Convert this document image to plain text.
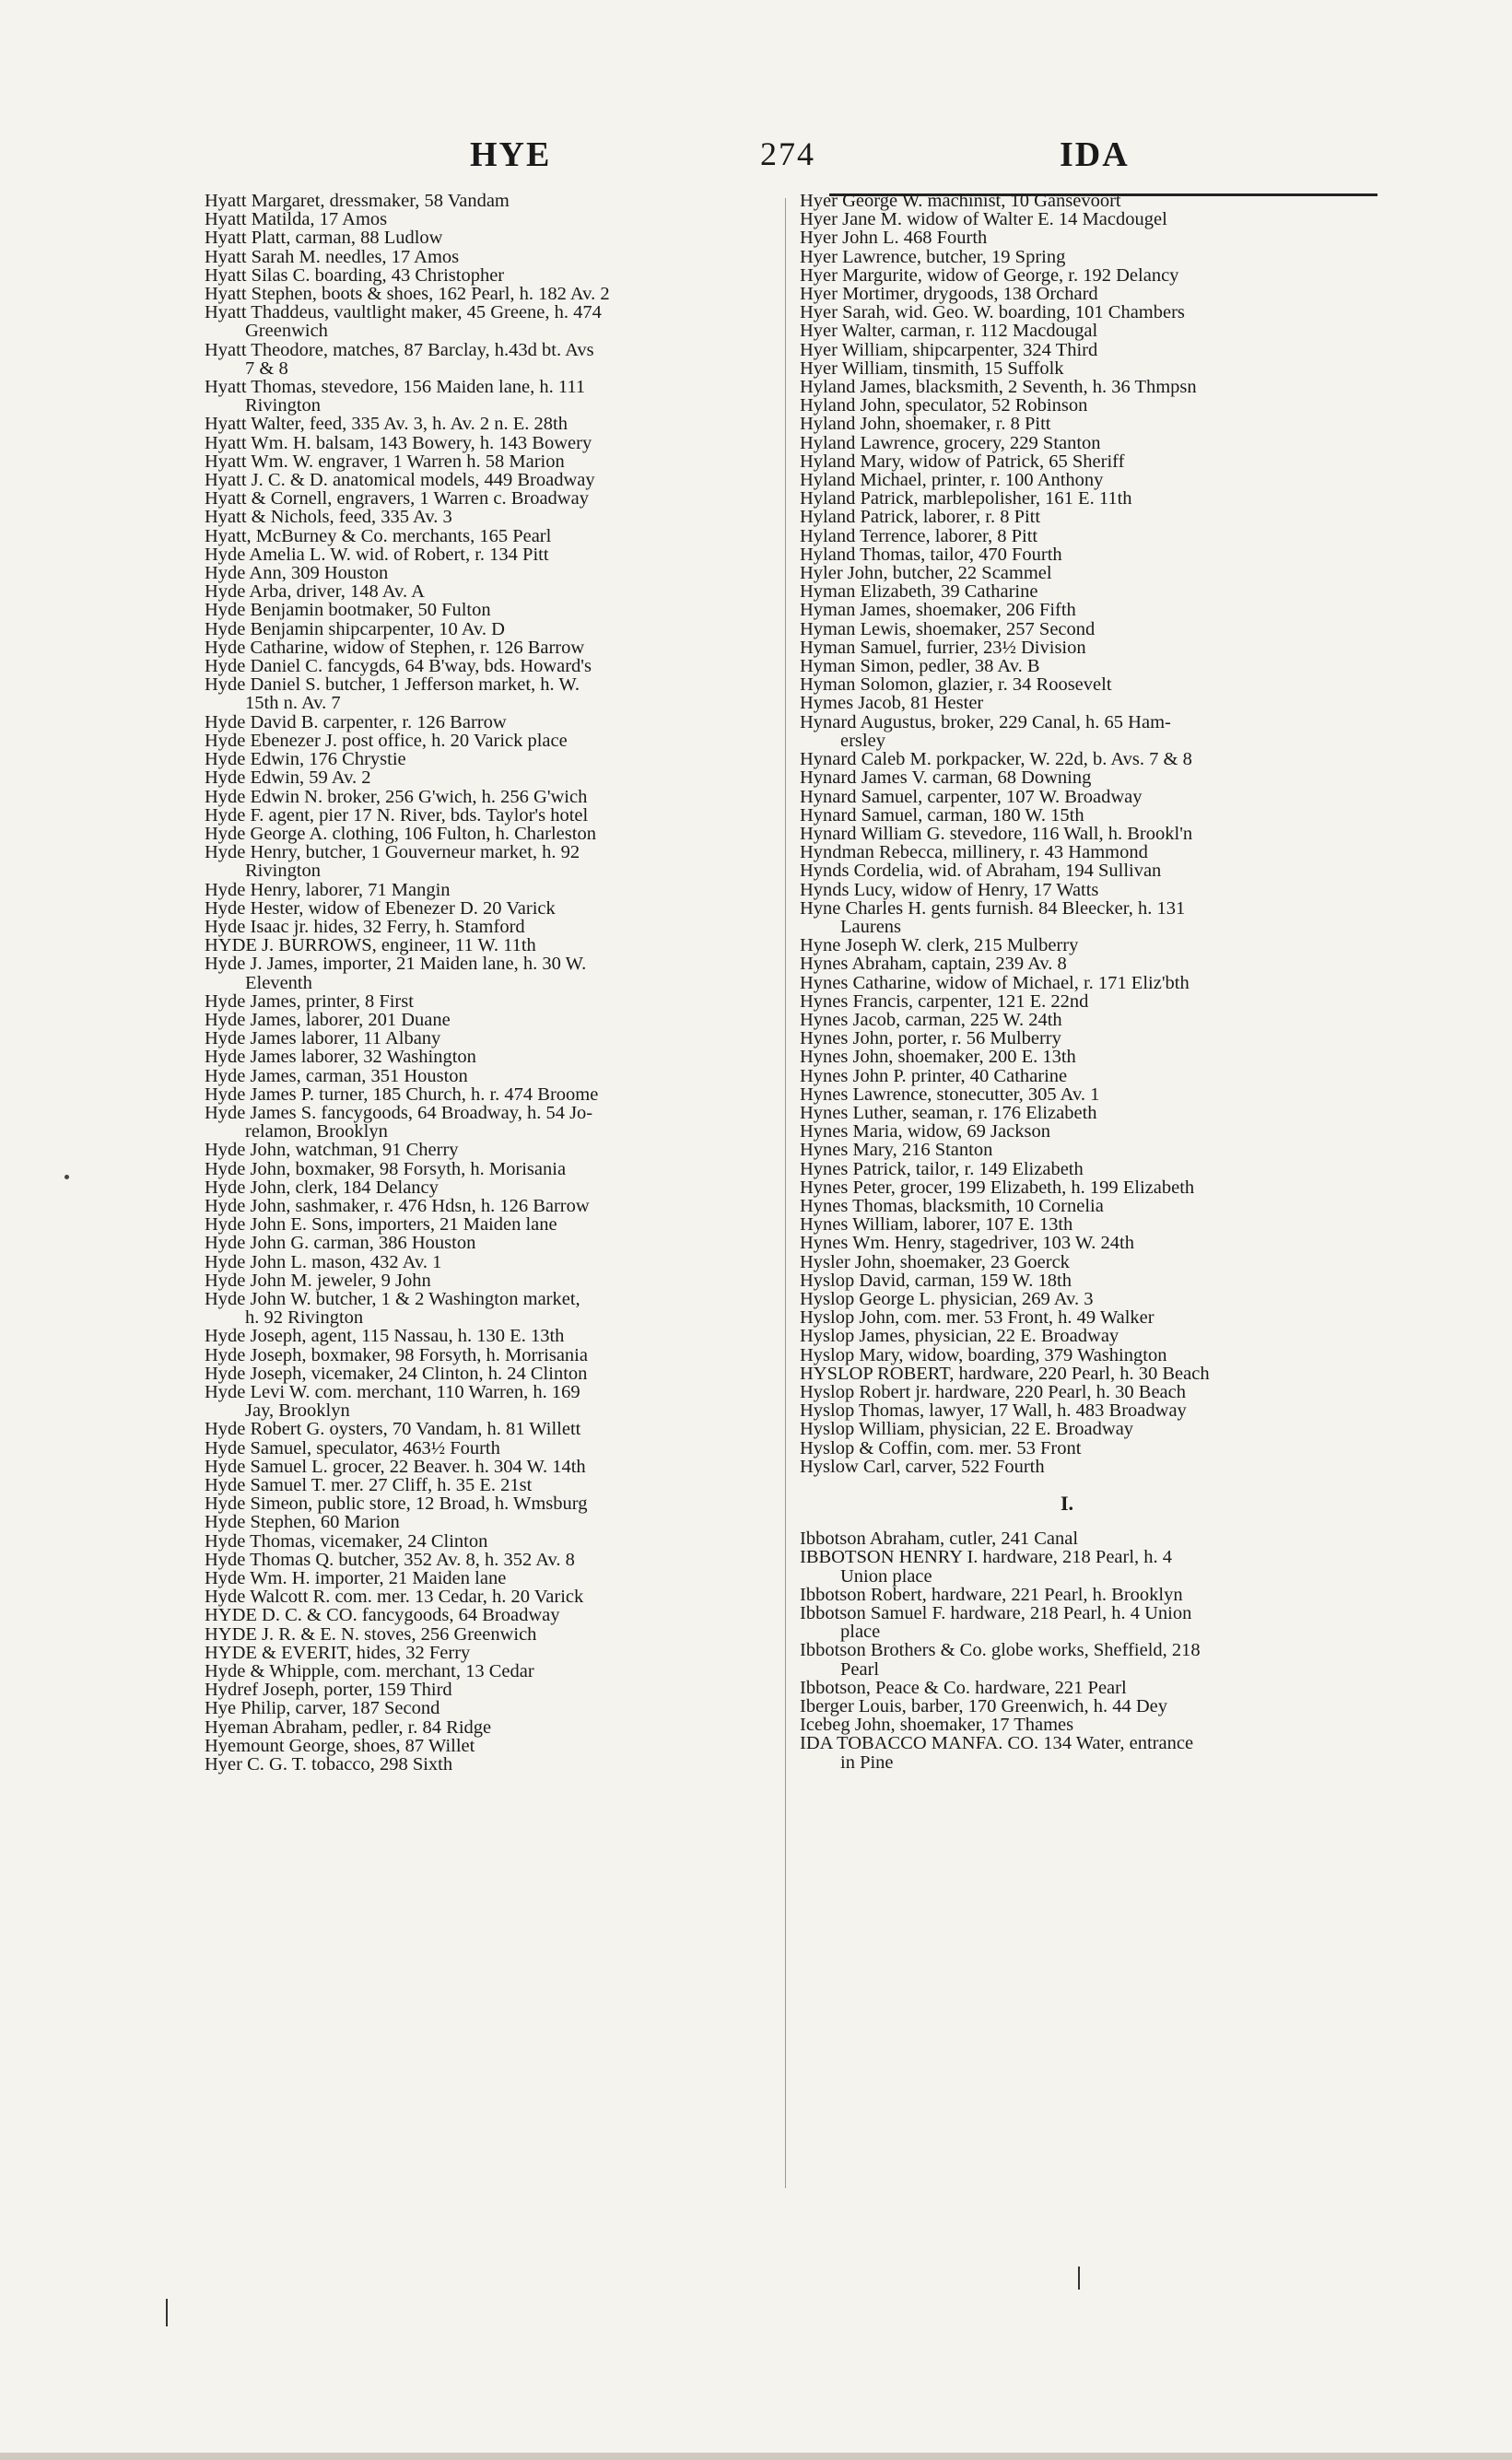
HYE	274	IDA
Hyatt Margaret, dressmaker, 58 Vandam
Hyatt Matilda, 17 Amos
Hyatt Platt, carman, 88 Ludlow
Hyatt Sarah M. needles, 17 Amos
Hyatt Silas C. boarding, 43 Christopher
Hyatt Stephen, boots & shoes, 162 Pearl, h. 182 Av. 2
Hyatt Thaddeus, vaultlight maker, 45 Greene, h. 474
Greenwich
Hyatt Theodore, matches, 87 Barclay, h.43d bt. Avs
7 & 8
Hyatt Thomas, stevedore, 156 Maiden lane, h. 111
Rivington
Hyatt Walter, feed, 335 Av. 3, h. Av. 2 n. E. 28th
Hyatt Wm. H. balsam, 143 Bowery, h. 143 Bowery
Hyatt Wm. W. engraver, 1 Warren h. 58 Marion
Hyatt J. C. & D. anatomical models, 449 Broadway
Hyatt & Cornell, engravers, 1 Warren c. Broadway
Hyatt & Nichols, feed, 335 Av. 3
Hyatt, McBurney & Co. merchants, 165 Pearl
Hyde Amelia L. W. wid. of Robert, r. 134 Pitt
Hyde Ann, 309 Houston
Hyde Arba, driver, 148 Av. A
Hyde Benjamin bootmaker, 50 Fulton
Hyde Benjamin shipcarpenter, 10 Av. D
Hyde Catharine, widow of Stephen, r. 126 Barrow
Hyde Daniel C. fancygds, 64 B'way, bds. Howard's
Hyde Daniel S. butcher, 1 Jefferson market, h. W.
15th n. Av. 7
Hyde David B. carpenter, r. 126 Barrow
Hyde Ebenezer J. post office, h. 20 Varick place
Hyde Edwin, 176 Chrystie
Hyde Edwin, 59 Av. 2
Hyde Edwin N. broker, 256 G'wich, h. 256 G'wich
Hyde F. agent, pier 17 N. River, bds. Taylor's hotel
Hyde George A. clothing, 106 Fulton, h. Charleston
Hyde Henry, butcher, 1 Gouverneur market, h. 92
Rivington
Hyde Henry, laborer, 71 Mangin
Hyde Hester, widow of Ebenezer D. 20 Varick
Hyde Isaac jr. hides, 32 Ferry, h. Stamford
HYDE J. BURROWS, engineer, 11 W. 11th
Hyde J. James, importer, 21 Maiden lane, h. 30 W.
Eleventh
Hyde James, printer, 8 First
Hyde James, laborer, 201 Duane
Hyde James laborer, 11 Albany
Hyde James laborer, 32 Washington
Hyde James, carman, 351 Houston
Hyde James P. turner, 185 Church, h. r. 474 Broome
Hyde James S. fancygoods, 64 Broadway, h. 54 Jo-
relamon, Brooklyn
Hyde John, watchman, 91 Cherry
Hyde John, boxmaker, 98 Forsyth, h. Morisania
Hyde John, clerk, 184 Delancy
Hyde John, sashmaker, r. 476 Hdsn, h. 126 Barrow
Hyde John E. Sons, importers, 21 Maiden lane
Hyde John G. carman, 386 Houston
Hyde John L. mason, 432 Av. 1
Hyde John M. jeweler, 9 John
Hyde John W. butcher, 1 & 2 Washington market,
h. 92 Rivington
Hyde Joseph, agent, 115 Nassau, h. 130 E. 13th
Hyde Joseph, boxmaker, 98 Forsyth, h. Morrisania
Hyde Joseph, vicemaker, 24 Clinton, h. 24 Clinton
Hyde Levi W. com. merchant, 110 Warren, h. 169
Jay, Brooklyn
Hyde Robert G. oysters, 70 Vandam, h. 81 Willett
Hyde Samuel, speculator, 463½ Fourth
Hyde Samuel L. grocer, 22 Beaver. h. 304 W. 14th
Hyde Samuel T. mer. 27 Cliff, h. 35 E. 21st
Hyde Simeon, public store, 12 Broad, h. Wmsburg
Hyde Stephen, 60 Marion
Hyde Thomas, vicemaker, 24 Clinton
Hyde Thomas Q. butcher, 352 Av. 8, h. 352 Av. 8
Hyde Wm. H. importer, 21 Maiden lane
Hyde Walcott R. com. mer. 13 Cedar, h. 20 Varick
HYDE D. C. & CO. fancygoods, 64 Broadway
HYDE J. R. & E. N. stoves, 256 Greenwich
HYDE & EVERIT, hides, 32 Ferry
Hyde & Whipple, com. merchant, 13 Cedar
Hydref Joseph, porter, 159 Third
Hye Philip, carver, 187 Second
Hyeman Abraham, pedler, r. 84 Ridge
Hyemount George, shoes, 87 Willet
Hyer C. G. T. tobacco, 298 Sixth
Hyer George W. machinist, 10 Gansevoort
Hyer Jane M. widow of Walter E. 14 Macdougel
Hyer John L. 468 Fourth
Hyer Lawrence, butcher, 19 Spring
Hyer Margurite, widow of George, r. 192 Delancy
Hyer Mortimer, drygoods, 138 Orchard
Hyer Sarah, wid. Geo. W. boarding, 101 Chambers
Hyer Walter, carman, r. 112 Macdougal
Hyer William, shipcarpenter, 324 Third
Hyer William, tinsmith, 15 Suffolk
Hyland James, blacksmith, 2 Seventh, h. 36 Thmpsn
Hyland John, speculator, 52 Robinson
Hyland John, shoemaker, r. 8 Pitt
Hyland Lawrence, grocery, 229 Stanton
Hyland Mary, widow of Patrick, 65 Sheriff
Hyland Michael, printer, r. 100 Anthony
Hyland Patrick, marblepolisher, 161 E. 11th
Hyland Patrick, laborer, r. 8 Pitt
Hyland Terrence, laborer, 8 Pitt
Hyland Thomas, tailor, 470 Fourth
Hyler John, butcher, 22 Scammel
Hyman Elizabeth, 39 Catharine
Hyman James, shoemaker, 206 Fifth
Hyman Lewis, shoemaker, 257 Second
Hyman Samuel, furrier, 23½ Division
Hyman Simon, pedler, 38 Av. B
Hyman Solomon, glazier, r. 34 Roosevelt
Hymes Jacob, 81 Hester
Hynard Augustus, broker, 229 Canal, h. 65 Ham-
ersley
Hynard Caleb M. porkpacker, W. 22d, b. Avs. 7 & 8
Hynard James V. carman, 68 Downing
Hynard Samuel, carpenter, 107 W. Broadway
Hynard Samuel, carman, 180 W. 15th
Hynard William G. stevedore, 116 Wall, h. Brookl'n
Hyndman Rebecca, millinery, r. 43 Hammond
Hynds Cordelia, wid. of Abraham, 194 Sullivan
Hynds Lucy, widow of Henry, 17 Watts
Hyne Charles H. gents furnish. 84 Bleecker, h. 131
Laurens
Hyne Joseph W. clerk, 215 Mulberry
Hynes Abraham, captain, 239 Av. 8
Hynes Catharine, widow of Michael, r. 171 Eliz'bth
Hynes Francis, carpenter, 121 E. 22nd
Hynes Jacob, carman, 225 W. 24th
Hynes John, porter, r. 56 Mulberry
Hynes John, shoemaker, 200 E. 13th
Hynes John P. printer, 40 Catharine
Hynes Lawrence, stonecutter, 305 Av. 1
Hynes Luther, seaman, r. 176 Elizabeth
Hynes Maria, widow, 69 Jackson
Hynes Mary, 216 Stanton
Hynes Patrick, tailor, r. 149 Elizabeth
Hynes Peter, grocer, 199 Elizabeth, h. 199 Elizabeth
Hynes Thomas, blacksmith, 10 Cornelia
Hynes William, laborer, 107 E. 13th
Hynes Wm. Henry, stagedriver, 103 W. 24th
Hysler John, shoemaker, 23 Goerck
Hyslop David, carman, 159 W. 18th
Hyslop George L. physician, 269 Av. 3
Hyslop John, com. mer. 53 Front, h. 49 Walker
Hyslop James, physician, 22 E. Broadway
Hyslop Mary, widow, boarding, 379 Washington
HYSLOP ROBERT, hardware, 220 Pearl, h. 30 Beach
Hyslop Robert jr. hardware, 220 Pearl, h. 30 Beach
Hyslop Thomas, lawyer, 17 Wall, h. 483 Broadway
Hyslop William, physician, 22 E. Broadway
Hyslop & Coffin, com. mer. 53 Front
Hyslow Carl, carver, 522 Fourth
I.
Ibbotson Abraham, cutler, 241 Canal
IBBOTSON HENRY I. hardware, 218 Pearl, h. 4
Union place
Ibbotson Robert, hardware, 221 Pearl, h. Brooklyn
Ibbotson Samuel F. hardware, 218 Pearl, h. 4 Union
place
Ibbotson Brothers & Co. globe works, Sheffield, 218
Pearl
Ibbotson, Peace & Co. hardware, 221 Pearl
Iberger Louis, barber, 170 Greenwich, h. 44 Dey
Icebeg John, shoemaker, 17 Thames
IDA TOBACCO MANFA. CO. 134 Water, entrance
in Pine
